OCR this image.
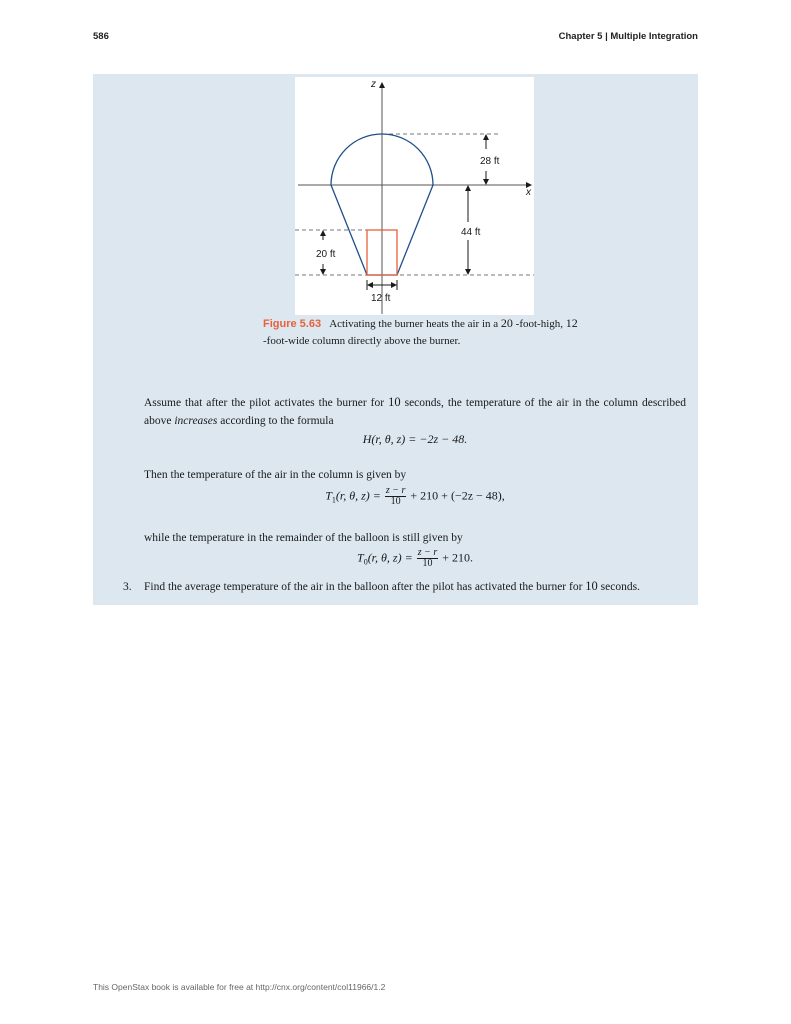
586	Chapter 5 | Multiple Integration
z
x
28 ft
44 ft
20 ft
12 ft
Figure 5.63 Activating the burner heats the air in a 20 -foot-high, 12 -foot-wide column directly above the burner.
Assume that after the pilot activates the burner for 10 seconds, the temperature of the air in the column described above increases according to the formula
H(r, θ, z) = −2z − 48.
Then the temperature of the air in the column is given by
$T_1(r$, θ, $z) = \frac{z - r}{10} + 210 + (-2z - 48)$,
while the temperature in the remainder of the balloon is still given by
$T_0(r$, θ, $z) = \frac{z - r}{10} + 210$.
3. Find the average temperature of the air in the balloon after the pilot has activated the burner for 10 seconds.
This OpenStax book is available for free at http://cnx.org/content/col11966/1.2
